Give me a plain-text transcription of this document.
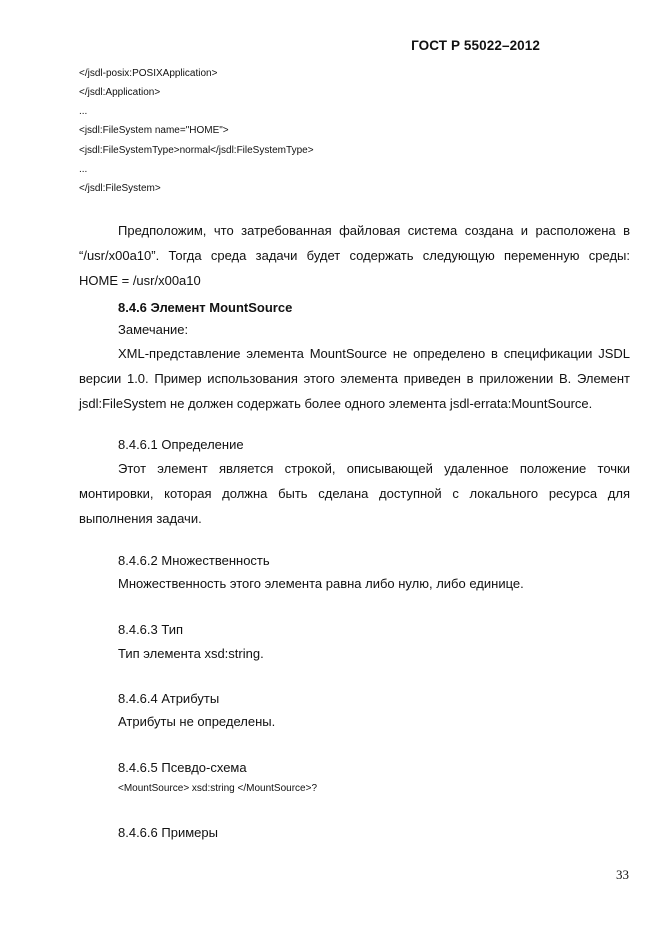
ГОСТ Р 55022–2012
</jsdl-posix:POSIXApplication>
</jsdl:Application>
...
<jsdl:FileSystem name="HOME">
<jsdl:FileSystemType>normal</jsdl:FileSystemType>
...
</jsdl:FileSystem>
Предположим, что затребованная файловая система создана и расположена в
“/usr/x00a10”. Тогда среда задачи будет содержать следующую переменную среды:
HOME = /usr/x00a10
8.4.6 Элемент MountSource
Замечание:
XML-представление элемента MountSource не определено в спецификации JSDL
версии 1.0. Пример использования этого элемента приведен в приложении В. Элемент
jsdl:FileSystem не должен содержать более одного элемента jsdl-errata:MountSource.
8.4.6.1 Определение
Этот элемент является строкой, описывающей удаленное положение точки
монтировки, которая должна быть сделана доступной с локального ресурса для
выполнения задачи.
8.4.6.2 Множественность
Множественность этого элемента равна либо нулю, либо единице.
8.4.6.3 Тип
Тип элемента xsd:string.
8.4.6.4 Атрибуты
Атрибуты не определены.
8.4.6.5 Псевдо-схема
<MountSource> xsd:string </MountSource>?
8.4.6.6 Примеры
33
